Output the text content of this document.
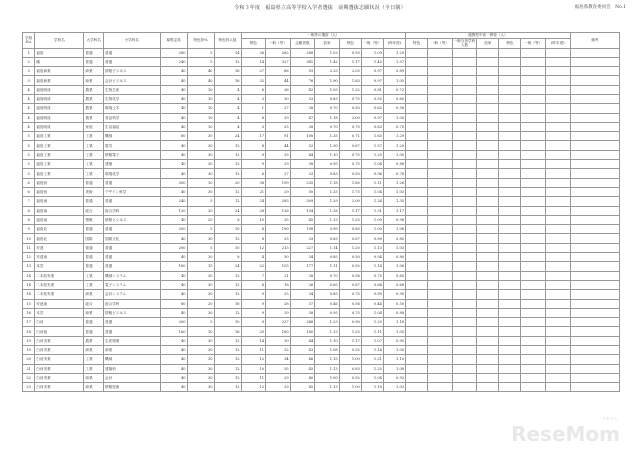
令和３年度　福島県立高等学校入学者選抜　前期選抜志願状況（全日制）	福島県教育委員会　No.1
学校No.	学校名	大学科名	小学科名	募集定員	特色枠%	特色枠人数	一般等の選抜（人）							連携型中高一貫校（人）							備考
							特色	一般（等）	志願者数	倍率	特色	一般（等）	(昨年度)	特色	一般（等）	一般当該学科入数	倍率	特色	一般（等）	(昨年度)	
1	福島	普通	普通	280	5	14	26	262	288	1.03	0.93	1.09	1.29								
2	橘	普通	普通	240	5	12	14	327	341	1.42	1.17	1.45	1.57								
3	福島商業	商業	情報ビジネス	40	40	16	27	66	93	2.33	2.05	0.97	0.89								
3	福島商業	商業	会計ビジネス	40	40	16	32	44	76	1.90	1.83	0.97	1.05								
4	福島明成	農業	生物生産	40	10	4	6	36	42	1.05	1.32	0.81	0.72								
4	福島明成	農業	生物化学	40	10	4	3	30	33	0.83	0.75	0.55	0.60								
4	福島明成	農業	環境土木	40	10	4	1	27	28	0.70	0.50	0.62	0.56								
4	福島明成	農業	食品科学	40	10	4	8	39	47	1.18	2.00	0.97	1.00								
4	福島明成	家庭	生活福祉	40	10	4	3	25	28	0.70	0.75	0.63	0.70								
5	福島工業	工業	機械	80	30	24	17	91	108	1.35	0.71	1.63	1.29								
5	福島工業	工業	電気	40	30	12	8	44	52	1.30	0.67	1.57	1.25								
5	福島工業	工業	情報電子	40	30	12	9	35	44	1.10	0.75	1.25	1.00								
5	福島工業	工業	建築	40	30	12	9	29	38	0.95	0.75	1.04	0.88								
5	福島工業	工業	環境化学	40	30	12	6	27	33	0.83	0.50	0.96	0.78								
6	福島西	普通	普通	200	10	20	36	199	235	1.18	1.80	1.11	1.26								
6	福島西	美術	デザイン科学	40	30	12	21	29	50	1.25	1.75	1.04	1.03								
7	福島東	普通	普通	240	5	12	24	285	309	1.29	2.00	1.24	1.35								
8	福島南	総合	総合学科	120	20	24	28	126	154	1.28	1.17	1.31	1.17								
8	福島南	情報	情報ビジネス	40	20	8	10	35	45	1.13	1.25	1.09	0.98								
9	福島北	普通	普通	200	5	10	8	190	198	0.99	0.80	1.00	1.06								
10	福島北	国際	国際文化	40	30	12	8	25	33	0.83	0.67	0.89	0.85								
11	安達	普通	普通	200	5	10	12	215	227	1.14	1.20	1.13	1.03								
12	安達東	普通	普通	40	20	8	4	30	34	0.85	0.50	0.94	0.80								
13	本宮	普通	普通	160	15	24	22	155	177	1.11	0.92	1.14	1.06								
14	二本松実業	工業	機械システム	40	30	12	7	21	28	0.70	0.58	0.75	0.65								
14	二本松実業	工業	電子システム	40	30	12	8	18	26	0.65	0.67	0.64	0.68								
14	二本松実業	商業	会計システム	40	30	12	9	25	34	0.85	0.75	0.89	0.90								
15	安達東	総合	総合学科	80	20	16	9	28	37	0.46	0.56	0.44	0.50								
16	本宮	商業	情報ビジネス	40	30	12	9	29	38	0.95	0.75	1.04	0.88								
17	白河	普通	普通	200	5	10	9	237	246	1.23	0.90	1.25	1.18								
18	白河旭	普通	普通	160	10	16	20	160	180	1.13	1.25	1.11	1.05								
19	白河実業	農業	生産環境	40	30	12	14	30	44	1.10	1.17	1.07	0.95								
19	白河実業	商業	商業	40	30	12	11	32	43	1.08	0.92	1.14	1.00								
20	白河実業	工業	機械	40	30	12	12	34	46	1.15	1.00	1.21	1.10								
21	白河実業	工業	建築科	40	30	12	10	35	45	1.13	0.83	1.25	1.08								
22	白河実業	商業	会計	40	30	12	11	29	40	1.00	0.92	1.04	0.93								
23	白河実業	商業	情報技術	40	30	12	12	33	45	1.13	1.00	1.18	1.03								
ReseMom
リセマム
